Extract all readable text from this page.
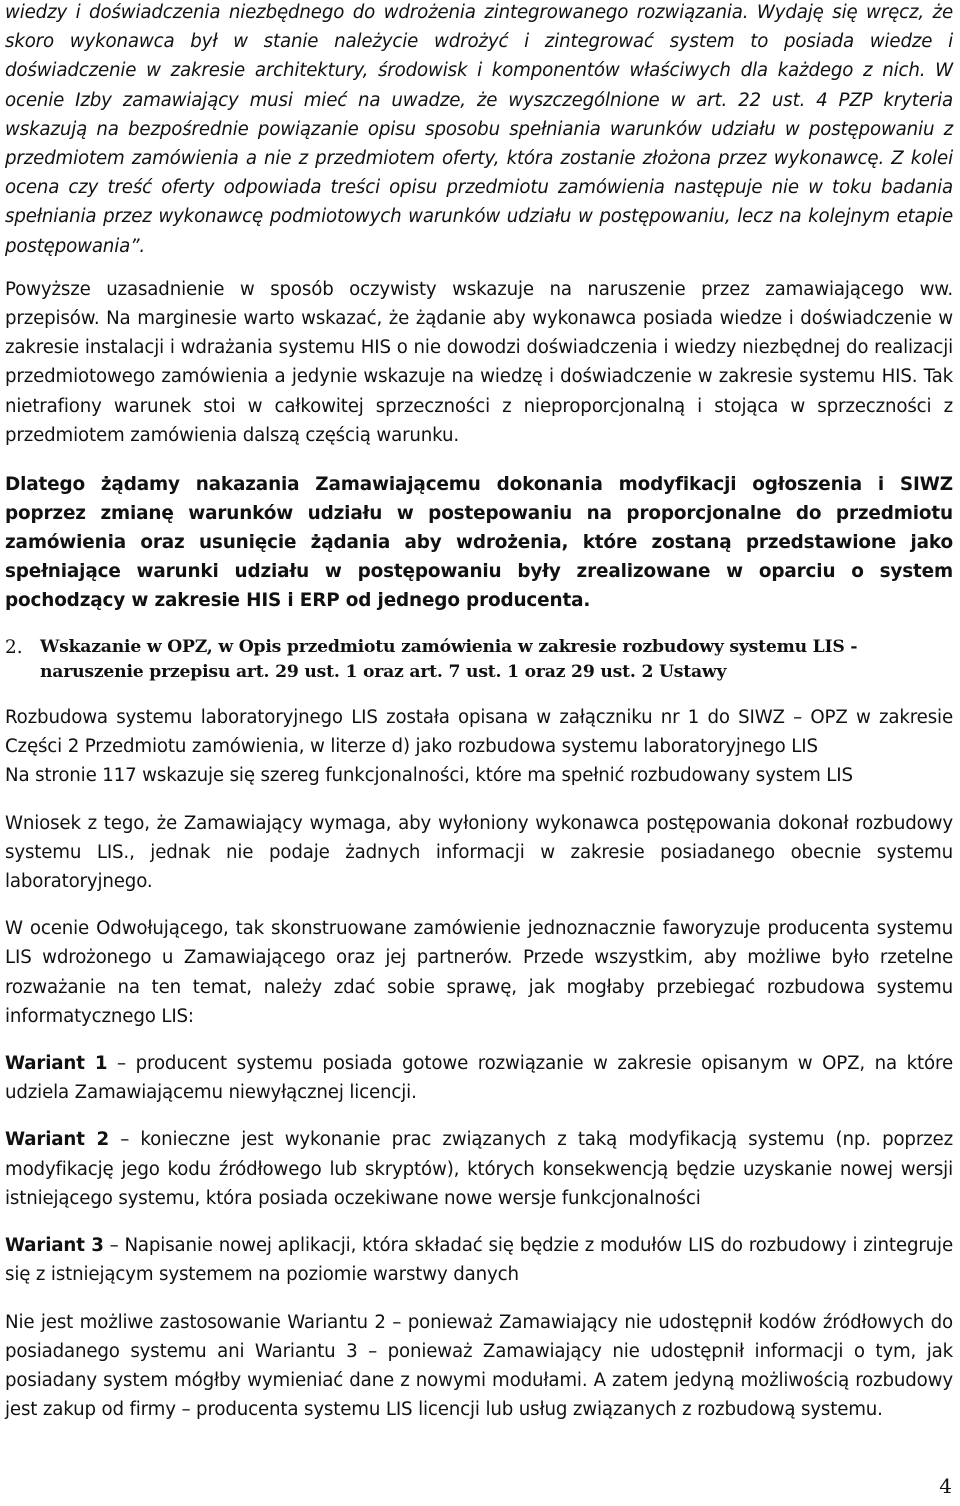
wiedzy i doświadczenia niezbędnego do wdrożenia zintegrowanego rozwiązania. Wydaję się wręcz, że skoro wykonawca był w stanie należycie wdrożyć i zintegrować system to posiada wiedze i doświadczenie w zakresie architektury, środowisk i komponentów właściwych dla każdego z nich. W ocenie Izby zamawiający musi mieć na uwadze, że wyszczególnione w art. 22 ust. 4 PZP kryteria wskazują na bezpośrednie powiązanie opisu sposobu spełniania warunków udziału w postępowaniu z przedmiotem zamówienia a nie z przedmiotem oferty, która zostanie złożona przez wykonawcę. Z kolei ocena czy treść oferty odpowiada treści opisu przedmiotu zamówienia następuje nie w toku badania spełniania przez wykonawcę podmiotowych warunków udziału w postępowaniu, lecz na kolejnym etapie postępowania”.

Powyższe uzasadnienie w sposób oczywisty wskazuje na naruszenie przez zamawiającego ww. przepisów. Na marginesie warto wskazać, że żądanie aby wykonawca posiada wiedze i doświadczenie w zakresie instalacji i wdrażania systemu HIS o nie dowodzi doświadczenia i wiedzy niezbędnej do realizacji przedmiotowego zamówienia a jedynie wskazuje na wiedzę i doświadczenie w zakresie systemu HIS. Tak nietrafiony warunek stoi w całkowitej sprzeczności z nieproporcjonalną i stojąca w sprzeczności z przedmiotem zamówienia dalszą częścią warunku.

Dlatego żądamy nakazania Zamawiającemu dokonania modyfikacji ogłoszenia i SIWZ poprzez zmianę warunków udziału w postepowaniu na proporcjonalne do przedmiotu zamówienia oraz usunięcie żądania aby wdrożenia, które zostaną przedstawione jako spełniające warunki udziału w postępowaniu były zrealizowane w oparciu o system pochodzący w zakresie HIS i ERP od jednego producenta.

2.	Wskazanie w OPZ, w Opis przedmiotu zamówienia w zakresie rozbudowy systemu LIS - naruszenie przepisu art. 29 ust. 1 oraz art. 7 ust. 1 oraz 29 ust. 2 Ustawy

Rozbudowa systemu laboratoryjnego LIS została opisana w załączniku nr 1 do SIWZ – OPZ w zakresie Części 2 Przedmiotu zamówienia, w literze d) jako rozbudowa systemu laboratoryjnego LIS

Na stronie 117 wskazuje się szereg funkcjonalności, które ma spełnić rozbudowany system LIS

Wniosek z tego, że Zamawiający wymaga, aby wyłoniony wykonawca postępowania dokonał rozbudowy systemu LIS., jednak nie podaje żadnych informacji w zakresie posiadanego obecnie systemu laboratoryjnego.

W ocenie Odwołującego, tak skonstruowane zamówienie jednoznacznie faworyzuje producenta systemu LIS wdrożonego u Zamawiającego oraz jej partnerów. Przede wszystkim, aby możliwe było rzetelne rozważanie na ten temat, należy zdać sobie sprawę, jak mogłaby przebiegać rozbudowa systemu informatycznego LIS:

Wariant 1 – producent systemu posiada gotowe rozwiązanie w zakresie opisanym w OPZ, na które udziela Zamawiającemu niewyłącznej licencji.

Wariant 2 – konieczne jest wykonanie prac związanych z taką modyfikacją systemu (np. poprzez modyfikację jego kodu źródłowego lub skryptów), których konsekwencją będzie uzyskanie nowej wersji istniejącego systemu, która posiada oczekiwane nowe wersje funkcjonalności

Wariant 3 – Napisanie nowej aplikacji, która składać się będzie z modułów LIS do rozbudowy i zintegruje się z istniejącym systemem na poziomie warstwy danych

Nie jest możliwe zastosowanie Wariantu 2 – ponieważ Zamawiający nie udostępnił kodów źródłowych do posiadanego systemu ani Wariantu 3 – ponieważ Zamawiający nie udostępnił informacji o tym, jak posiadany system mógłby wymieniać dane z nowymi modułami. A zatem jedyną możliwością rozbudowy jest zakup od firmy – producenta systemu LIS licencji lub usług związanych z rozbudową systemu.

4
